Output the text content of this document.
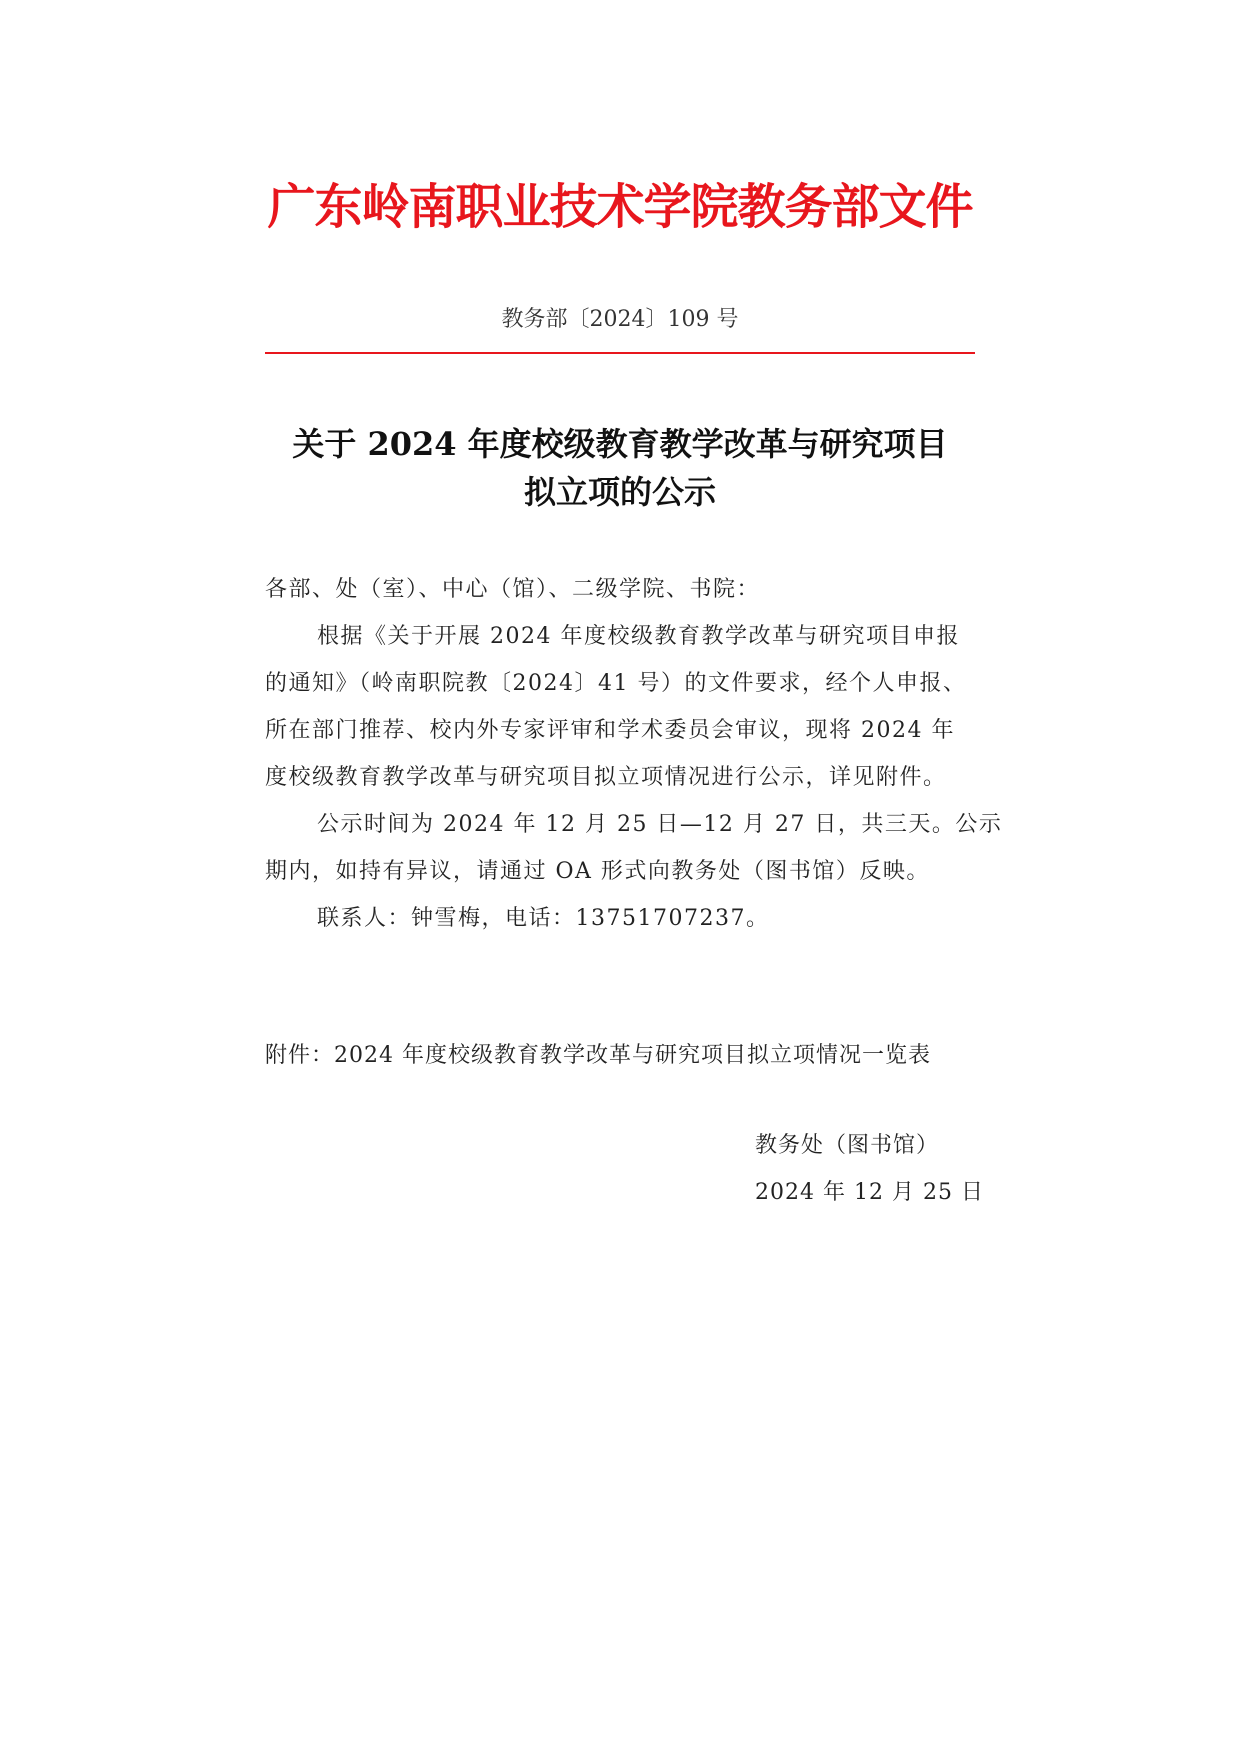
广东岭南职业技术学院教务部文件
教务部〔2024〕109 号
关于 2024 年度校级教育教学改革与研究项目
拟立项的公示

各部、处（室）、中心（馆）、二级学院、书院：

根据《关于开展 2024 年度校级教育教学改革与研究项目申报

的通知》（岭南职院教〔2024〕41 号）的文件要求，经个人申报、

所在部门推荐、校内外专家评审和学术委员会审议，现将 2024 年

度校级教育教学改革与研究项目拟立项情况进行公示，详见附件。

公示时间为 2024 年 12 月 25 日—12 月 27 日，共三天。公示

期内，如持有异议，请通过 OA 形式向教务处（图书馆）反映。

联系人：钟雪梅，电话：13751707237。

附件：2024 年度校级教育教学改革与研究项目拟立项情况一览表
教务处（图书馆）
2024 年 12 月 25 日
